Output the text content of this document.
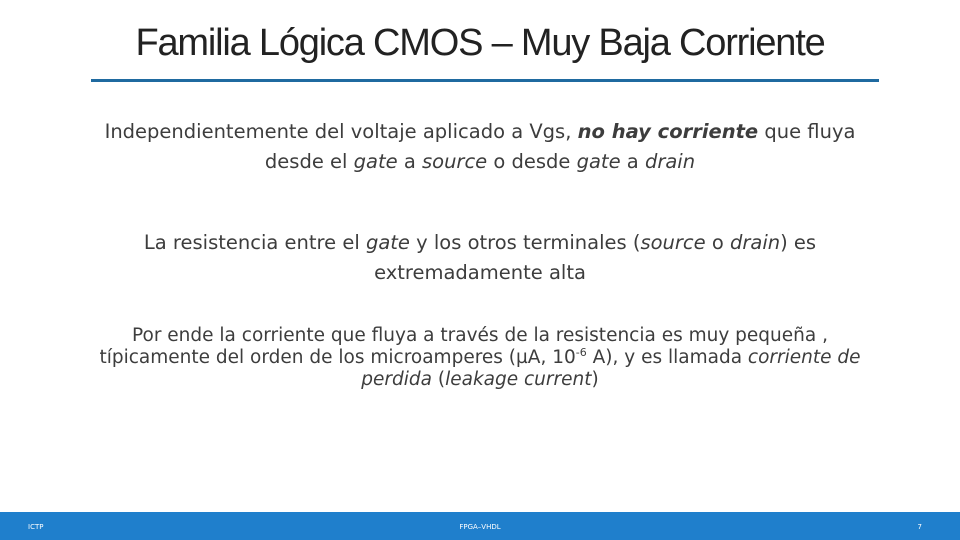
Familia Lógica CMOS – Muy Baja Corriente
Independientemente del voltaje aplicado a Vgs, no hay corriente que fluya
desde el gate a source o desde gate a drain
La resistencia entre el gate y los otros terminales (source o drain) es
extremadamente alta
Por ende la corriente que fluya a través de la resistencia es muy pequeña ,
típicamente del orden de los microamperes (µA, $10^{-6}$ A), y es llamada corriente de
perdida (leakage current)
ICTP	FPGA–VHDL	7
